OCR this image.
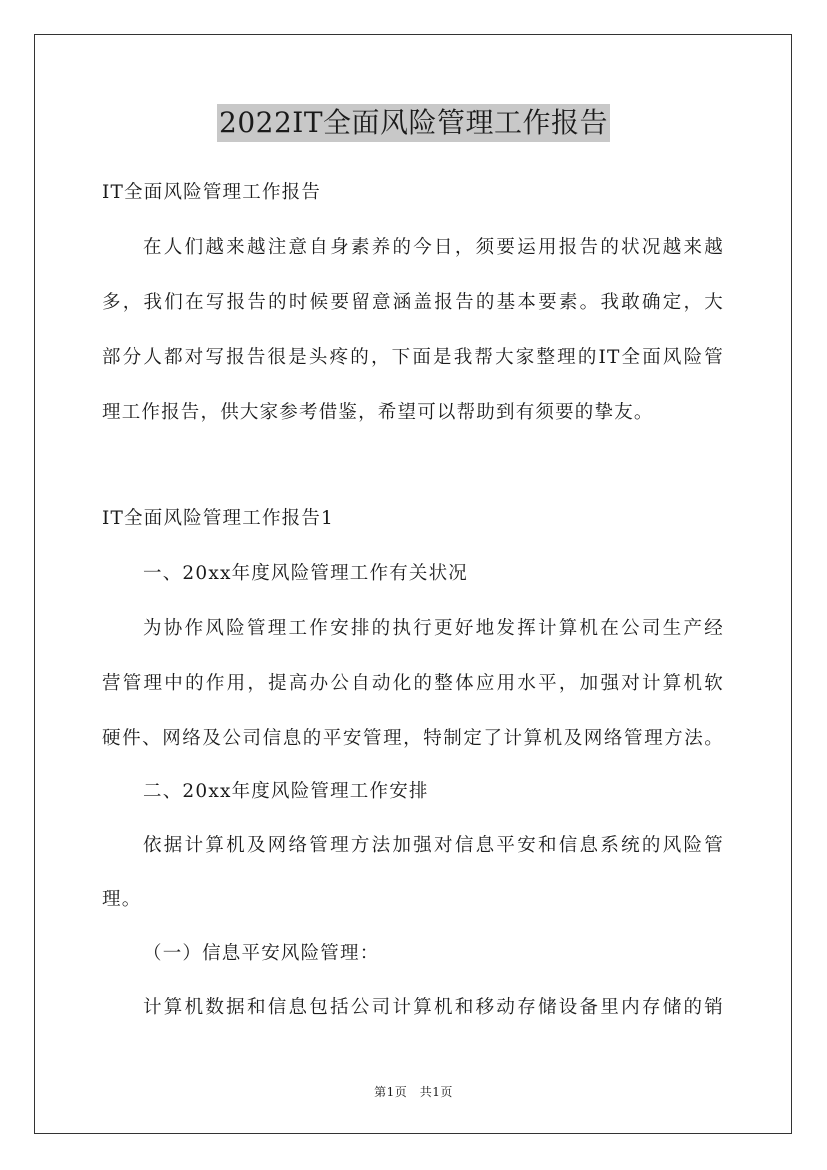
2022IT全面风险管理工作报告
IT全面风险管理工作报告
在人们越来越注意自身素养的今日，须要运用报告的状况越来越
多，我们在写报告的时候要留意涵盖报告的基本要素。我敢确定，大
部分人都对写报告很是头疼的，下面是我帮大家整理的IT全面风险管
理工作报告，供大家参考借鉴，希望可以帮助到有须要的挚友。
IT全面风险管理工作报告1
一、20xx年度风险管理工作有关状况
为协作风险管理工作安排的执行更好地发挥计算机在公司生产经
营管理中的作用，提高办公自动化的整体应用水平，加强对计算机软
硬件、网络及公司信息的平安管理，特制定了计算机及网络管理方法。
二、20xx年度风险管理工作安排
依据计算机及网络管理方法加强对信息平安和信息系统的风险管
理。
（一）信息平安风险管理：
计算机数据和信息包括公司计算机和移动存储设备里内存储的销
第1页　共1页
